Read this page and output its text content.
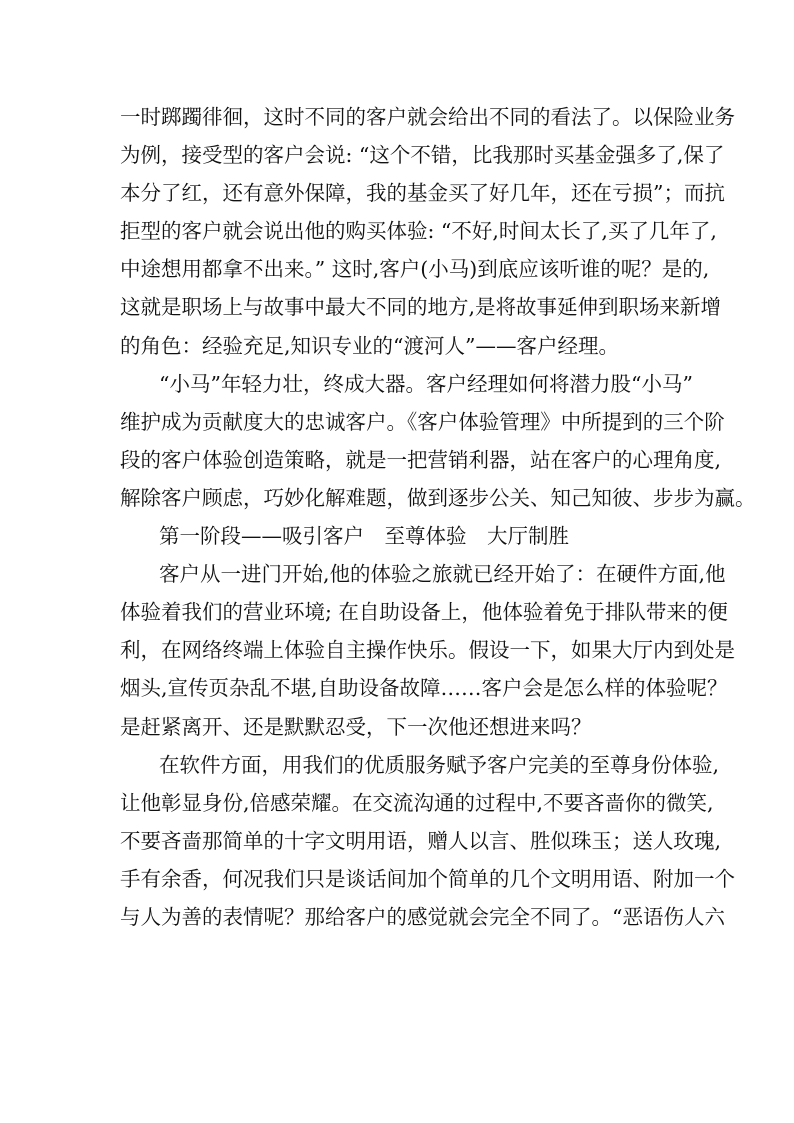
一时踯躅徘徊，这时不同的客户就会给出不同的看法了。以保险业务
为例，接受型的客户会说: “这个不错，比我那时买基金强多了,保了
本分了红，还有意外保障，我的基金买了好几年，还在亏损”；而抗
拒型的客户就会说出他的购买体验: “不好,时间太长了,买了几年了,
中途想用都拿不出来。” 这时,客户(小马)到底应该听谁的呢？是的,
这就是职场上与故事中最大不同的地方,是将故事延伸到职场来新增
的角色：经验充足,知识专业的“渡河人”——客户经理。
“小马”年轻力壮，终成大器。客户经理如何将潜力股“小马”
维护成为贡献度大的忠诚客户。《客户体验管理》中所提到的三个阶
段的客户体验创造策略，就是一把营销利器，站在客户的心理角度,
解除客户顾虑，巧妙化解难题，做到逐步公关、知己知彼、步步为赢。
第一阶段——吸引客户　至尊体验　大厅制胜
客户从一进门开始,他的体验之旅就已经开始了：在硬件方面,他
体验着我们的营业环境; 在自助设备上，他体验着免于排队带来的便
利，在网络终端上体验自主操作快乐。假设一下，如果大厅内到处是
烟头,宣传页杂乱不堪,自助设备故障……客户会是怎么样的体验呢？
是赶紧离开、还是默默忍受，下一次他还想进来吗？
在软件方面，用我们的优质服务赋予客户完美的至尊身份体验,
让他彰显身份,倍感荣耀。在交流沟通的过程中,不要吝啬你的微笑,
不要吝啬那简单的十字文明用语，赠人以言、胜似珠玉；送人玫瑰,
手有余香，何况我们只是谈话间加个简单的几个文明用语、附加一个
与人为善的表情呢？那给客户的感觉就会完全不同了。“恶语伤人六
